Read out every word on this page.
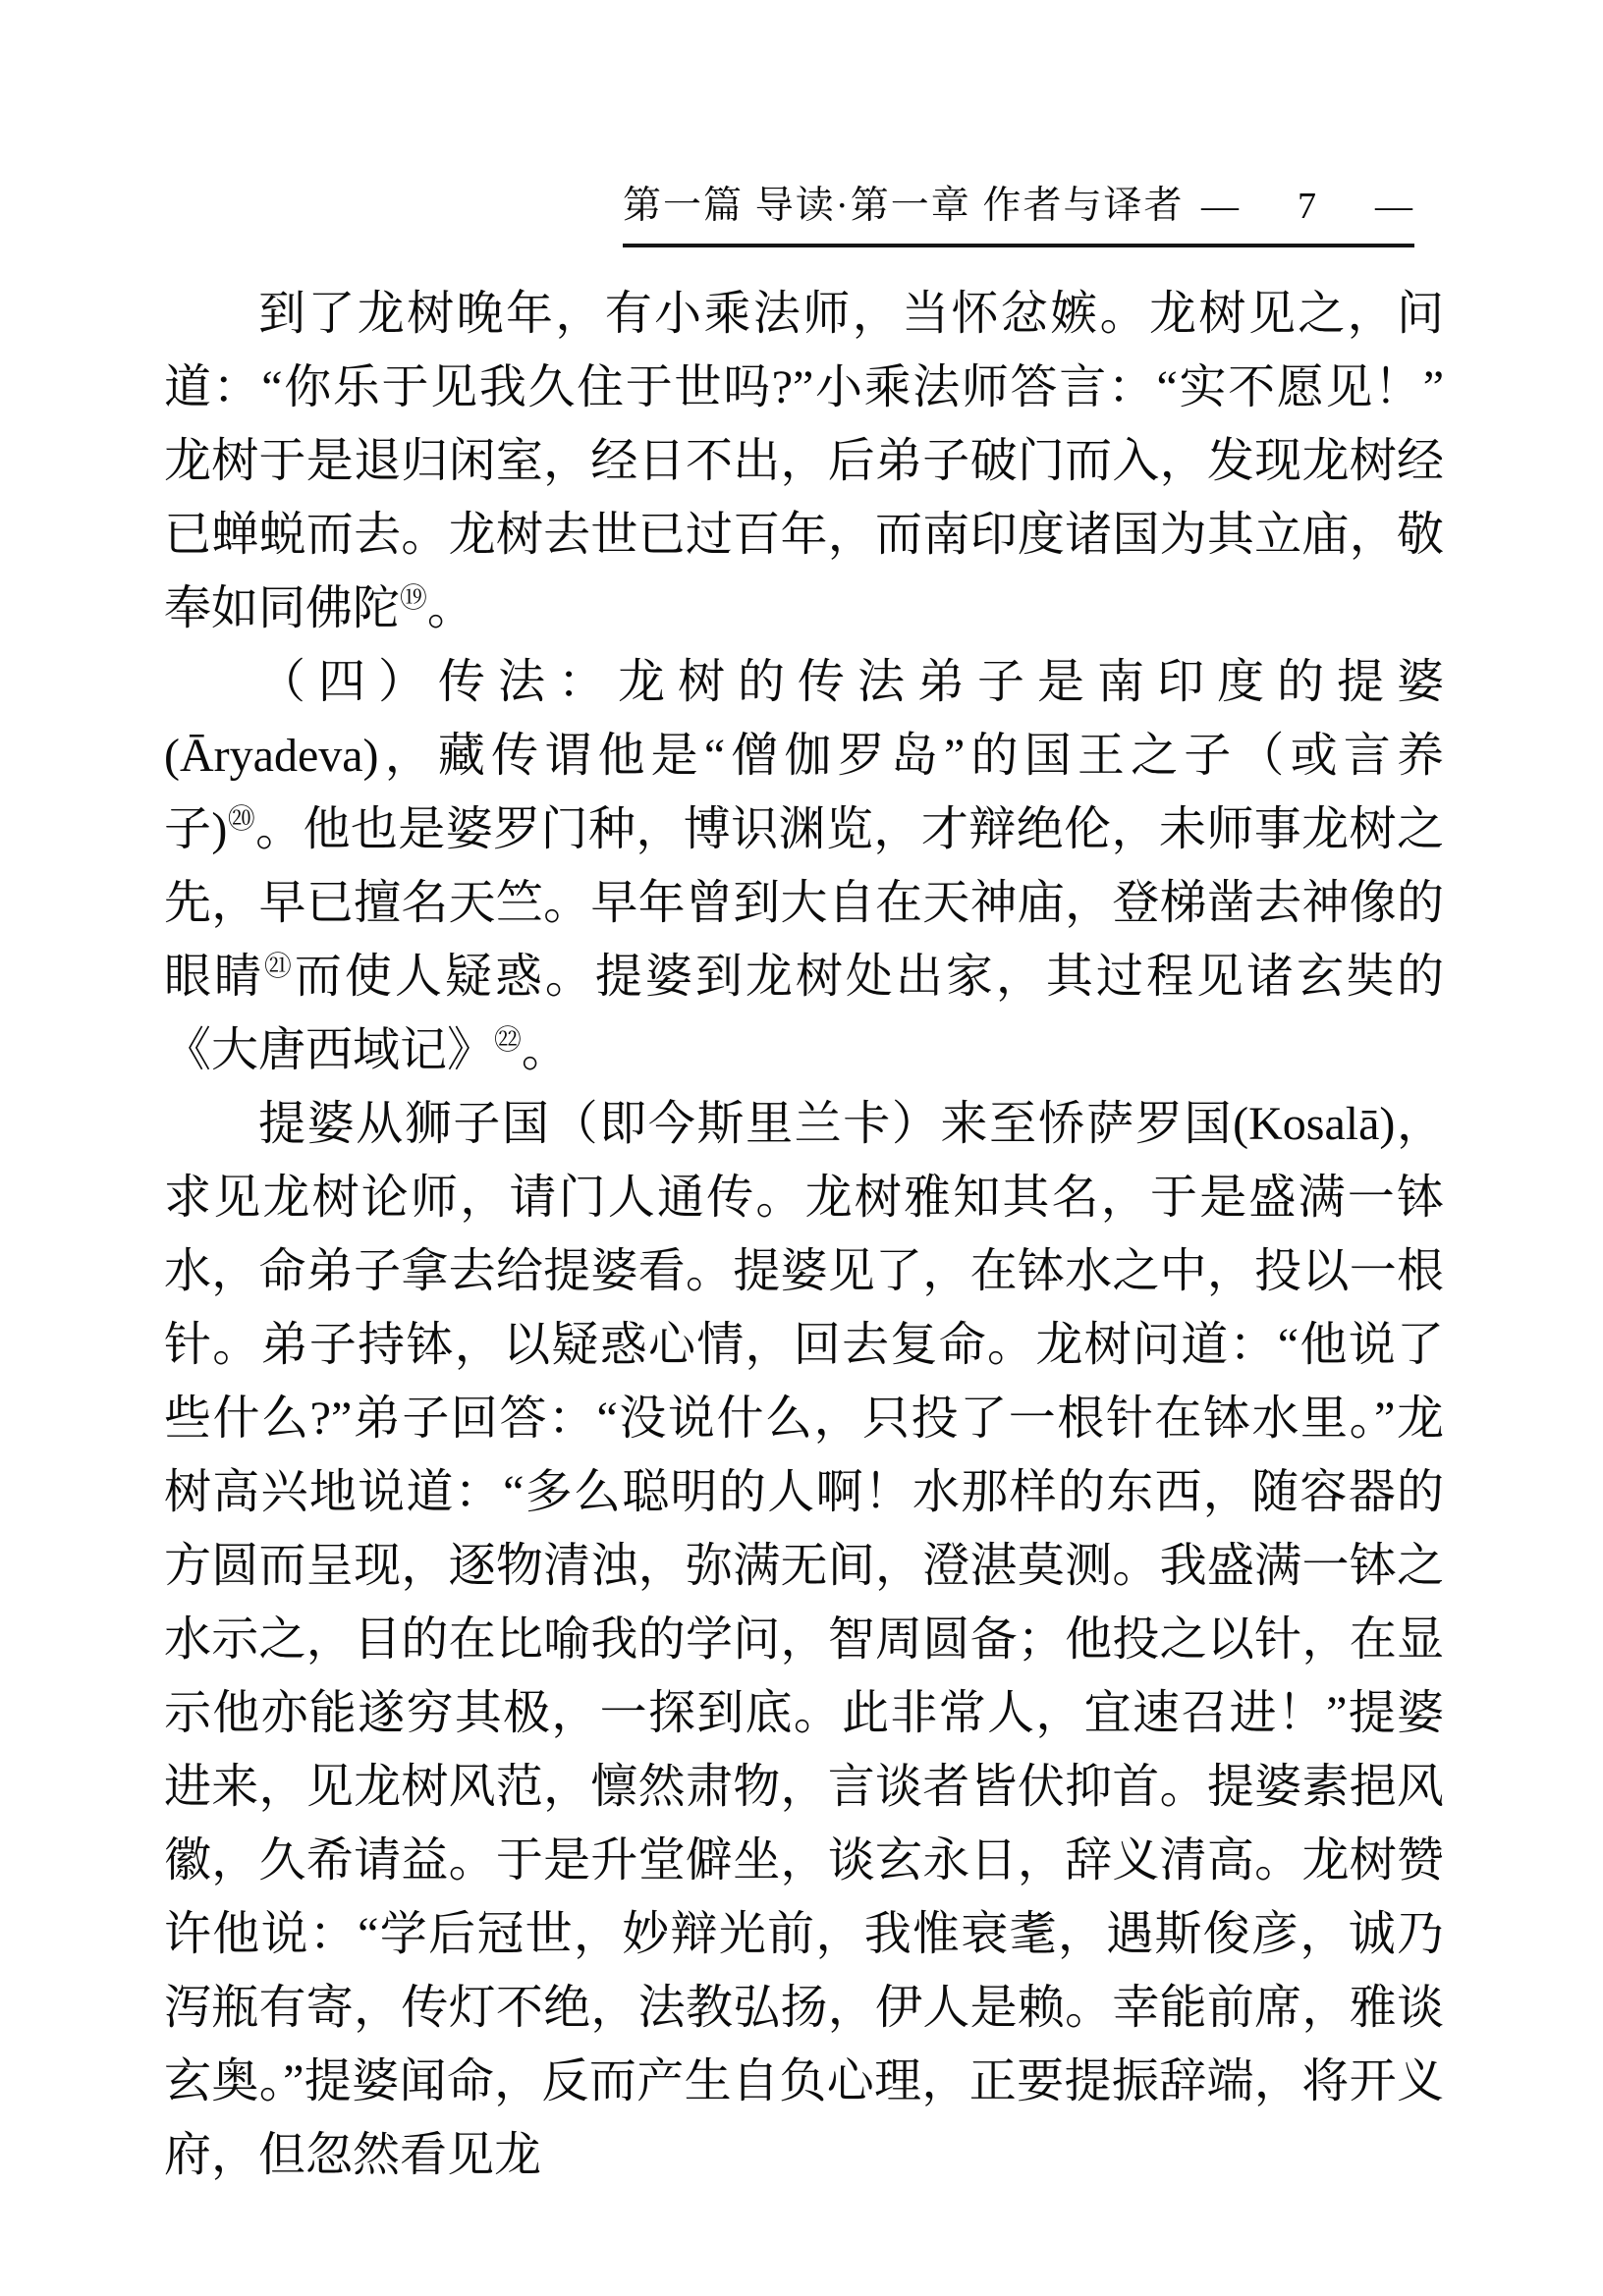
第一篇 导读·第一章 作者与译者 — 7 —

到了龙树晚年，有小乘法师，当怀忿嫉。龙树见之，问道：“你乐于见我久住于世吗?”小乘法师答言：“实不愿见！”龙树于是退归闲室，经日不出，后弟子破门而入，发现龙树经已蝉蜕而去。龙树去世已过百年，而南印度诸国为其立庙，敬奉如同佛陀⑲。

（四）传法：龙树的传法弟子是南印度的提婆(Āryadeva)，藏传谓他是“僧伽罗岛”的国王之子（或言养子)⑳。他也是婆罗门种，博识渊览，才辩绝伦，未师事龙树之先，早已擅名天竺。早年曾到大自在天神庙，登梯凿去神像的眼睛$^㉑$而使人疑惑。提婆到龙树处出家，其过程见诸玄奘的《大唐西域记》$^㉒$。

提婆从狮子国（即今斯里兰卡）来至㤭萨罗国(Kosalā)，求见龙树论师，请门人通传。龙树雅知其名，于是盛满一钵水，命弟子拿去给提婆看。提婆见了，在钵水之中，投以一根针。弟子持钵，以疑惑心情，回去复命。龙树问道：“他说了些什么?”弟子回答：“没说什么，只投了一根针在钵水里。”龙树高兴地说道：“多么聪明的人啊！水那样的东西，随容器的方圆而呈现，逐物清浊，弥满无间，澄湛莫测。我盛满一钵之水示之，目的在比喻我的学问，智周圆备；他投之以针，在显示他亦能遂穷其极，一探到底。此非常人，宜速召进！”提婆进来，见龙树风范，懔然肃物，言谈者皆伏抑首。提婆素挹风徽，久希请益。于是升堂僻坐，谈玄永日，辞义清高。龙树赞许他说：“学后冠世，妙辩光前，我惟衰耄，遇斯俊彦，诚乃泻瓶有寄，传灯不绝，法教弘扬，伊人是赖。幸能前席，雅谈玄奥。”提婆闻命，反而产生自负心理，正要提振辞端，将开义府，但忽然看见龙
